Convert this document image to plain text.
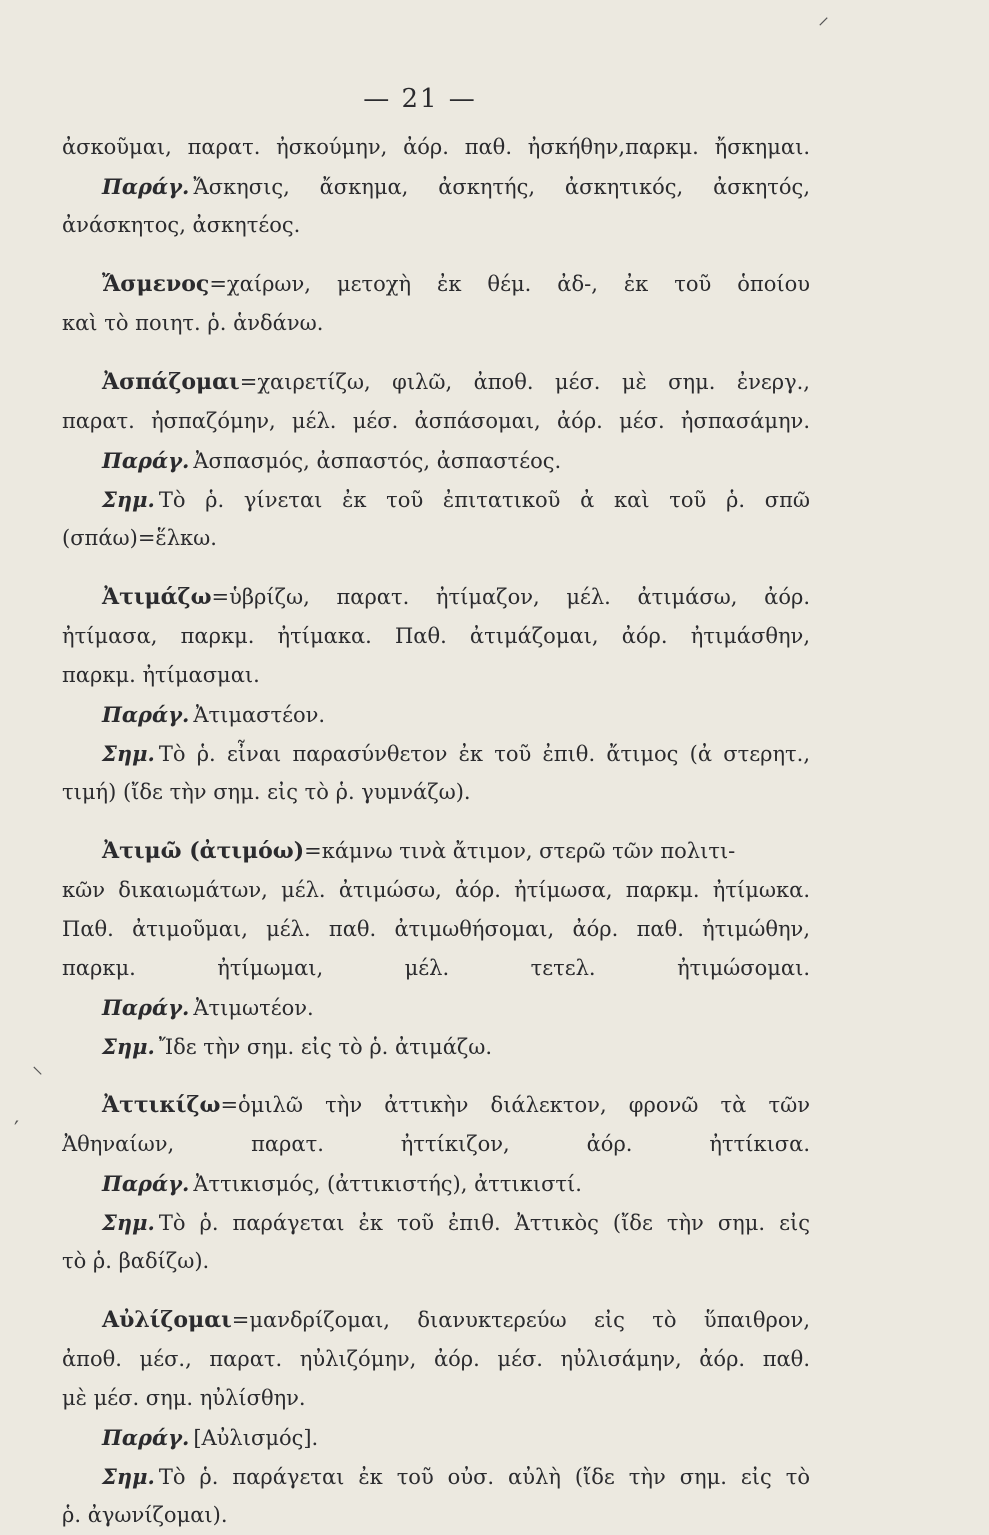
⸍
— 21 —
⸜
′
ἀσκοῦμαι, παρατ. ἠσκούμην, ἀόρ. παθ. ἠσκήθην,παρκμ. ἤσκημαι.
Παράγ. Ἄσκησις, ἄσκημα, ἀσκητής, ἀσκητικός, ἀσκητός,
ἀνάσκητος, ἀσκητέος.
Ἄσμενος=χαίρων, μετοχὴ ἐκ θέμ. ἀδ-, ἐκ τοῦ ὁποίου
καὶ τὸ ποιητ. ῥ. ἁνδάνω.
Ἀσπάζομαι=χαιρετίζω, φιλῶ, ἀποθ. μέσ. μὲ σημ. ἐνεργ.,
παρατ. ἠσπαζόμην, μέλ. μέσ. ἀσπάσομαι, ἀόρ. μέσ. ἠσπασάμην.
Παράγ. Ἀσπασμός, ἀσπαστός, ἀσπαστέος.
Σημ. Τὸ ῥ. γίνεται ἐκ τοῦ ἐπιτατικοῦ ἀ καὶ τοῦ ῥ. σπῶ
(σπάω)=ἕλκω.
Ἀτιμάζω=ὑβρίζω, παρατ. ἠτίμαζον, μέλ. ἀτιμάσω, ἀόρ.
ἠτίμασα, παρκμ. ἠτίμακα. Παθ. ἀτιμάζομαι, ἀόρ. ἠτιμάσθην,
παρκμ. ἠτίμασμαι.
Παράγ. Ἀτιμαστέον.
Σημ. Τὸ ῥ. εἶναι παρασύνθετον ἐκ τοῦ ἐπιθ. ἄτιμος (ἀ στερητ.,
τιμή) (ἴδε τὴν σημ. εἰς τὸ ῥ. γυμνάζω).
Ἀτιμῶ (ἀτιμόω)=κάμνω τινὰ ἄτιμον, στερῶ τῶν πολιτι-
κῶν δικαιωμάτων, μέλ. ἀτιμώσω, ἀόρ. ἠτίμωσα, παρκμ. ἠτίμωκα.
Παθ. ἀτιμοῦμαι, μέλ. παθ. ἀτιμωθήσομαι, ἀόρ. παθ. ἠτιμώθην,
παρκμ. ἠτίμωμαι, μέλ. τετελ. ἠτιμώσομαι.
Παράγ. Ἀτιμωτέον.
Σημ. Ἴδε τὴν σημ. εἰς τὸ ῥ. ἀτιμάζω.
Ἀττικίζω=ὁμιλῶ τὴν ἀττικὴν διάλεκτον, φρονῶ τὰ τῶν
Ἀθηναίων, παρατ. ἠττίκιζον, ἀόρ. ἠττίκισα.
Παράγ. Ἀττικισμός, (ἀττικιστής), ἀττικιστί.
Σημ. Τὸ ῥ. παράγεται ἐκ τοῦ ἐπιθ. Ἀττικὸς (ἴδε τὴν σημ. εἰς
τὸ ῥ. βαδίζω).
Αὐλίζομαι=μανδρίζομαι, διανυκτερεύω εἰς τὸ ὕπαιθρον,
ἀποθ. μέσ., παρατ. ηὐλιζόμην, ἀόρ. μέσ. ηὐλισάμην, ἀόρ. παθ.
μὲ μέσ. σημ. ηὐλίσθην.
Παράγ. [Αὐλισμός].
Σημ. Τὸ ῥ. παράγεται ἐκ τοῦ οὐσ. αὐλὴ (ἴδε τὴν σημ. εἰς τὸ
ῥ. ἀγωνίζομαι).
